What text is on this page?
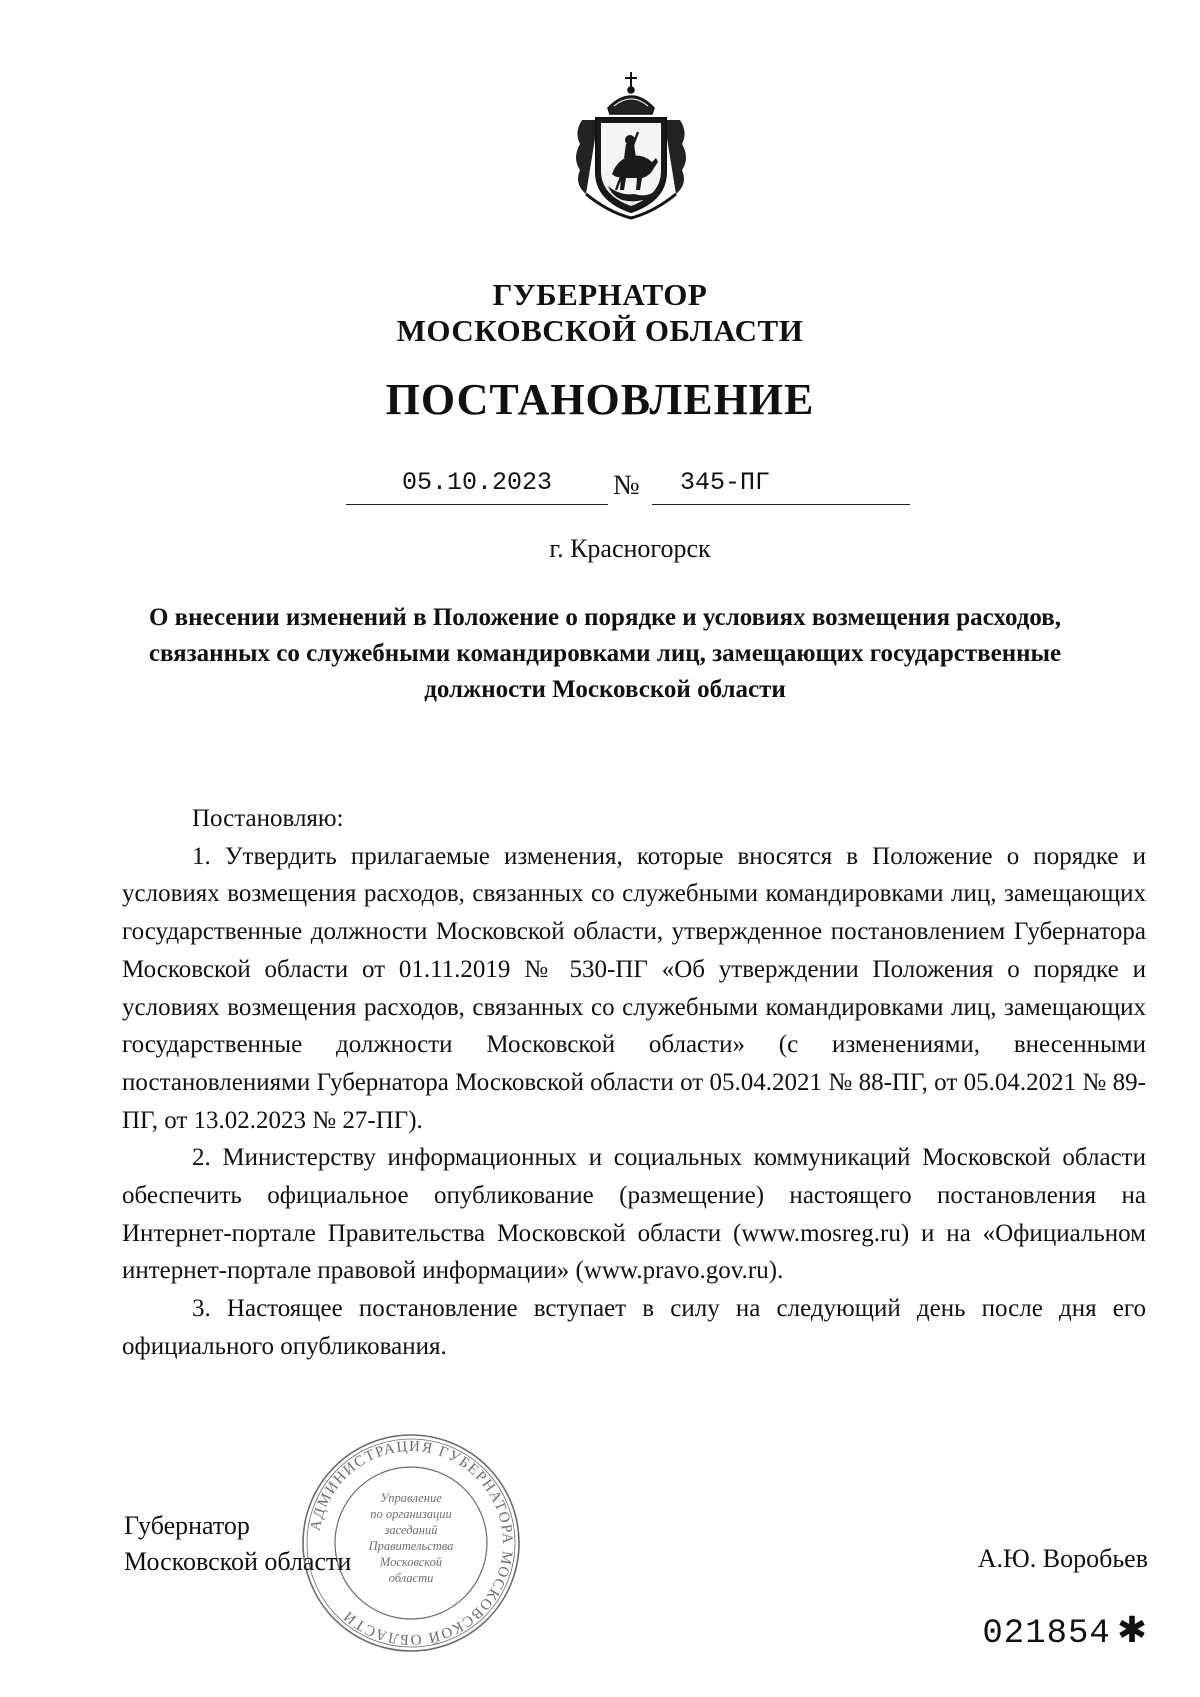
ГУБЕРНАТОР
МОСКОВСКОЙ ОБЛАСТИ
ПОСТАНОВЛЕНИЕ
05.10.2023	№	345-ПГ
г. Красногорск
О внесении изменений в Положение о порядке и условиях возмещения расходов, связанных со служебными командировками лиц, замещающих государственные должности Московской области

Постановляю:

1. Утвердить прилагаемые изменения, которые вносятся в Положение о порядке и условиях возмещения расходов, связанных со служебными командировками лиц, замещающих государственные должности Московской области, утвержденное постановлением Губернатора Московской области от 01.11.2019 № 530-ПГ «Об утверждении Положения о порядке и условиях возмещения расходов, связанных со служебными командировками лиц, замещающих государственные должности Московской области» (с изменениями, внесенными постановлениями Губернатора Московской области от 05.04.2021 № 88-ПГ, от 05.04.2021 № 89-ПГ, от 13.02.2023 № 27-ПГ).

2. Министерству информационных и социальных коммуникаций Московской области обеспечить официальное опубликование (размещение) настоящего постановления на Интернет-портале Правительства Московской области (www.mosreg.ru) и на «Официальном интернет-портале правовой информации» (www.pravo.gov.ru).

3. Настоящее постановление вступает в силу на следующий день после дня его официального опубликования.

Губернатор
Московской области	А.Ю. Воробьев
АДМИНИСТРАЦИЯ ГУБЕРНАТОРА МОСКОВСКОЙ ОБЛАСТИ
Управление
по организации
заседаний
Правительства
Московской
области
021854 ✱
